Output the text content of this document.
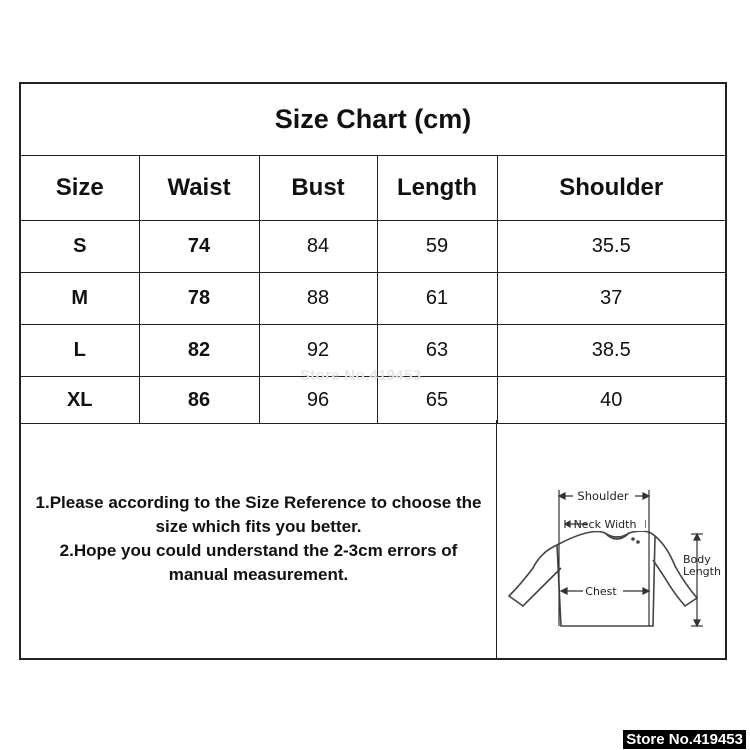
Size Chart (cm)
Size	Waist	Bust	Length	Shoulder
S	74	84	59	35.5
M	78	88	61	37
L	82	92	63	38.5
XL	86	96	65	40
1.Please according to the Size Reference to choose the size which fits you better.
2.Hope you could understand the 2-3cm errors of manual measurement.
Shoulder
Neck Width
Chest
Body
Length
Store No.419453
Store No.419453
